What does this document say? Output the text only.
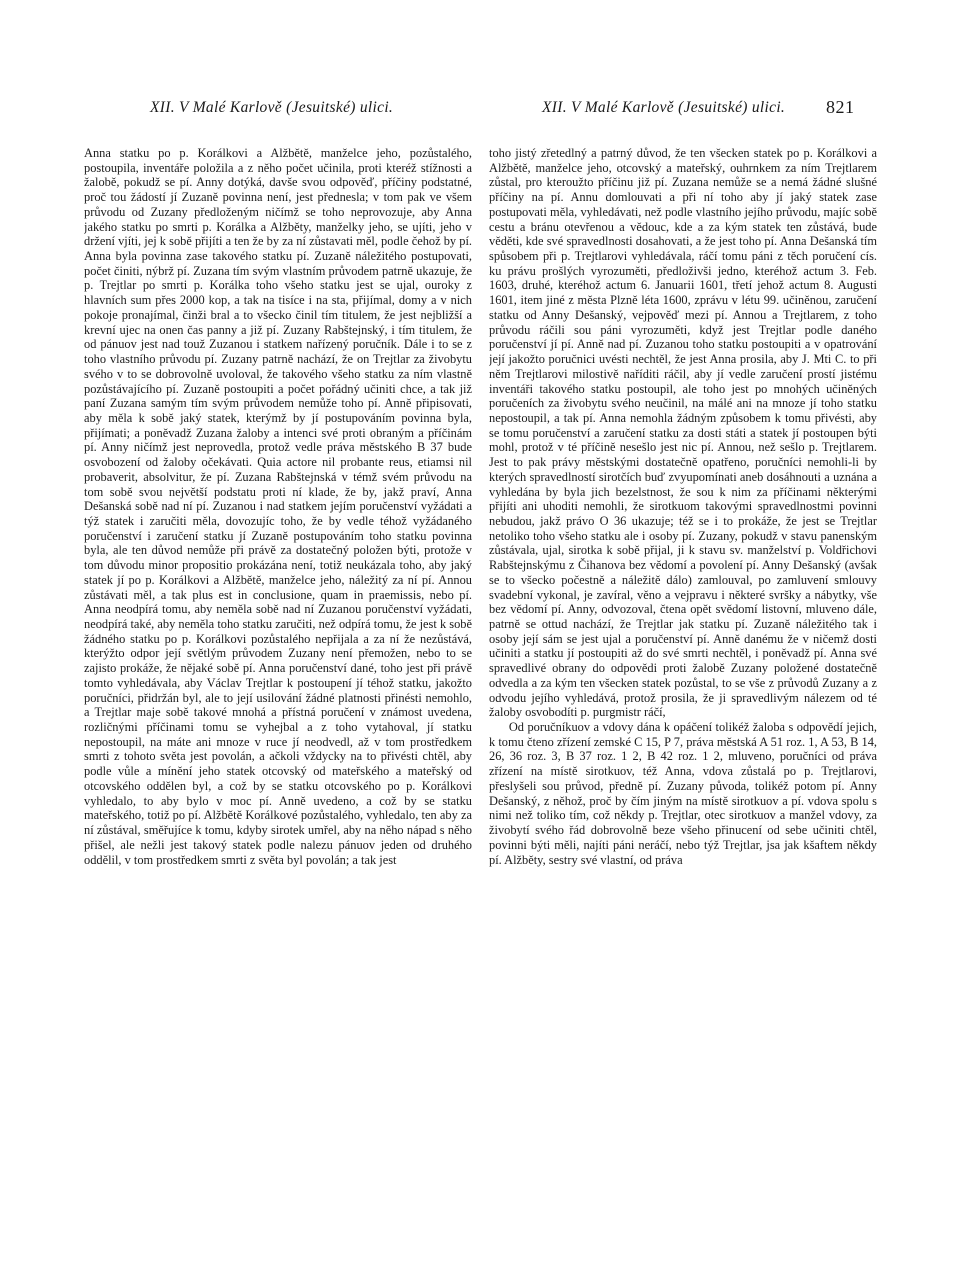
XII. V Malé Karlově (Jesuitské) ulici.	XII. V Malé Karlově (Jesuitské) ulici. 821

Anna statku po p. Korálkovi a Alžbětě, manželce jeho, pozůstalého, postoupila, inventáře položila a z něho počet učinila, proti kteréž stížnosti a žalobě, pokudž se pí. Anny dotýká, davše svou odpověď, příčiny podstatné, proč tou žádostí jí Zuzaně povinna není, jest přednesla; v tom pak ve všem průvodu od Zuzany předloženým ničímž se toho neprovozuje, aby Anna jakého statku po smrti p. Korálka a Alžběty, manželky jeho, se ujíti, jeho v držení vjíti, jej k sobě přijíti a ten že by za ní zůstavati měl, podle čehož by pí. Anna byla povinna zase takového statku pí. Zuzaně náležitého postupovati, počet činiti, nýbrž pí. Zuzana tím svým vlastním průvodem patrně ukazuje, že p. Trejtlar po smrti p. Korálka toho všeho statku jest se ujal, ouroky z hlavních sum přes 2000 kop, a tak na tisíce i na sta, přijímal, domy a v nich pokoje pronajímal, činži bral a to všecko činil tím titulem, že jest nejbližší a krevní ujec na onen čas panny a již pí. Zuzany Rabštejnský, i tím titulem, že od pánuov jest nad touž Zuzanou i statkem nařízený poručník. Dále i to se z toho vlastního průvodu pí. Zuzany patrně nachází, že on Trejtlar za živobytu svého v to se dobrovolně uvoloval, že takového všeho statku za ním vlastně pozůstávajícího pí. Zuzaně postoupiti a počet pořádný učiniti chce, a tak již paní Zuzana samým tím svým průvodem nemůže toho pí. Anně připisovati, aby měla k sobě jaký statek, kterýmž by jí postupováním povinna byla, přijímati; a poněvadž Zuzana žaloby a intenci své proti obraným a příčinám pí. Anny ničímž jest neprovedla, protož vedle práva městského B 37 bude osvobození od žaloby očekávati. Quia actore nil probante reus, etiamsi nil probaverit, absolvitur, že pí. Zuzana Rabštejnská v témž svém průvodu na tom sobě svou největší podstatu proti ní klade, že by, jakž praví, Anna Dešanská sobě nad ní pí. Zuzanou i nad statkem jejím poručenství vyžádati a týž statek i zaručiti měla, dovozujíc toho, že by vedle téhož vyžádaného poručenství i zaručení statku jí Zuzaně postupováním toho statku povinna byla, ale ten důvod nemůže při právě za dostatečný položen býti, protože v tom důvodu minor propositio prokázána není, totiž neukázala toho, aby jaký statek jí po p. Korálkovi a Alžbětě, manželce jeho, náležitý za ní pí. Annou zůstávati měl, a tak plus est in conclusione, quam in praemissis, nebo pí. Anna neodpírá tomu, aby neměla sobě nad ní Zuzanou poručenství vyžádati, neodpírá také, aby neměla toho statku zaručiti, než odpírá tomu, že jest k sobě žádného statku po p. Korálkovi pozůstalého nepřijala a za ní že nezůstává, kterýžto odpor její světlým průvodem Zuzany není přemožen, nebo to se zajisto prokáže, že nějaké sobě pí. Anna poručenství dané, toho jest při právě tomto vyhledávala, aby Václav Trejtlar k postoupení jí téhož statku, jakožto poručníci, přidržán byl, ale to její usilování žádné platnosti přinésti nemohlo, a Trejtlar maje sobě takové mnohá a přístná poručení v známost uvedena, rozličnými příčinami tomu se vyhejbal a z toho vytahoval, jí statku nepostoupil, na máte ani mnoze v ruce jí neodvedl, až v tom prostředkem smrti z tohoto světa jest povolán, a ačkoli vždycky na to přivésti chtěl, aby podle vůle a mínění jeho statek otcovský od mateřského a mateřský od otcovského oddělen byl, a což by se statku otcovského po p. Korálkovi vyhledalo, to aby bylo v moc pí. Anně uvedeno, a což by se statku mateřského, totiž po pí. Alžbětě Korálkové pozůstalého, vyhledalo, ten aby za ní zůstával, směřujíce k tomu, kdyby sirotek umřel, aby na něho nápad s něho přišel, ale nežli jest takový statek podle nalezu pánuov jeden od druhého oddělil, v tom prostředkem smrti z světa byl povolán; a tak jest

toho jistý zřetedlný a patrný důvod, že ten všecken statek po p. Korálkovi a Alžbětě, manželce jeho, otcovský a mateřský, ouhrnkem za ním Trejtlarem zůstal, pro kteroužto příčinu již pí. Zuzana nemůže se a nemá žádné slušné příčiny na pí. Annu domlouvati a při ní toho aby jí jaký statek zase postupovati měla, vyhledávati, než podle vlastního jejího průvodu, majíc sobě cestu a bránu otevřenou a vědouc, kde a za kým statek ten zůstává, bude věděti, kde své spravedlnosti dosahovati, a že jest toho pí. Anna Dešanská tím spůsobem při p. Trejtlarovi vyhledávala, ráčí tomu páni z těch poručení cís. ku právu prošlých vyrozuměti, předloživši jedno, kteréhož actum 3. Feb. 1603, druhé, kteréhož actum 6. Januarii 1601, třetí jehož actum 8. Augusti 1601, item jiné z města Plzně léta 1600, zprávu v létu 99. učiněnou, zaručení statku od Anny Dešanský, vejpověď mezi pí. Annou a Trejtlarem, z toho průvodu ráčili sou páni vyrozuměti, když jest Trejtlar podle daného poručenství jí pí. Anně nad pí. Zuzanou toho statku postoupiti a v opatrování její jakožto poručnici uvésti nechtěl, že jest Anna prosila, aby J. Mti C. to při něm Trejtlarovi milostivě naříditi ráčil, aby jí vedle zaručení prostí jistému inventáři takového statku postoupil, ale toho jest po mnohých učiněných poručeních za živobytu svého neučinil, na málé ani na mnoze jí toho statku nepostoupil, a tak pí. Anna nemohla žádným způsobem k tomu přivésti, aby se tomu poručenství a zaručení statku za dosti státi a statek jí postoupen býti mohl, protož v té příčině nesešlo jest nic pí. Annou, než sešlo p. Trejtlarem. Jest to pak právy městskými dostatečně opatřeno, poručníci nemohli-li by kterých spravedlností sirotčích buď zvyupomínati aneb dosáhnouti a uznána a vyhledána by byla jich bezelstnost, že sou k nim za příčinami některými přijíti ani uhoditi nemohli, že sirotkuom takovými spravedlnostmi povinni nebudou, jakž právo O 36 ukazuje; též se i to prokáže, že jest se Trejtlar netoliko toho všeho statku ale i osoby pí. Zuzany, pokudž v stavu panenským zůstávala, ujal, sirotka k sobě přijal, ji k stavu sv. manželství p. Voldřichovi Rabštejnskýmu z Čihanova bez vědomí a povolení pí. Anny Dešanský (avšak se to všecko počestně a náležitě dálo) zamlouval, po zamluvení smlouvy svadební vykonal, je zavíral, věno a vejpravu i některé svršky a nábytky, vše bez vědomí pí. Anny, odvozoval, čtena opět svědomí listovní, mluveno dále, patrně se ottud nachází, že Trejtlar jak statku pí. Zuzaně náležitého tak i osoby její sám se jest ujal a poručenství pí. Anně danému že v ničemž dosti učiniti a statku jí postoupiti až do své smrti nechtěl, i poněvadž pí. Anna své spravedlivé obrany do odpovědi proti žalobě Zuzany položené dostatečně odvedla a za kým ten všecken statek pozůstal, to se vše z průvodů Zuzany a z odvodu jejího vyhledává, protož prosila, že ji spravedlivým nálezem od té žaloby osvobodíti p. purgmistr ráčí,

Od poručníkuov a vdovy dána k opáčení tolikéž žaloba s odpovědí jejich, k tomu čteno zřízení zemské C 15, P 7, práva městská A 51 roz. 1, A 53, B 14, 26, 36 roz. 3, B 37 roz. 1 2, B 42 roz. 1 2, mluveno, poručníci od práva zřízení na místě sirotkuov, též Anna, vdova zůstalá po p. Trejtlarovi, přeslyšeli sou průvod, předně pí. Zuzany původa, tolikéž potom pí. Anny Dešanský, z něhož, proč by čím jiným na místě sirotkuov a pí. vdova spolu s nimi než toliko tím, což někdy p. Trejtlar, otec sirotkuov a manžel vdovy, za živobytí svého řád dobrovolně beze všeho přinucení od sebe učiniti chtěl, povinni býti měli, najíti páni neráčí, nebo týž Trejtlar, jsa jak kšaftem někdy pí. Alžběty, sestry své vlastní, od práva
